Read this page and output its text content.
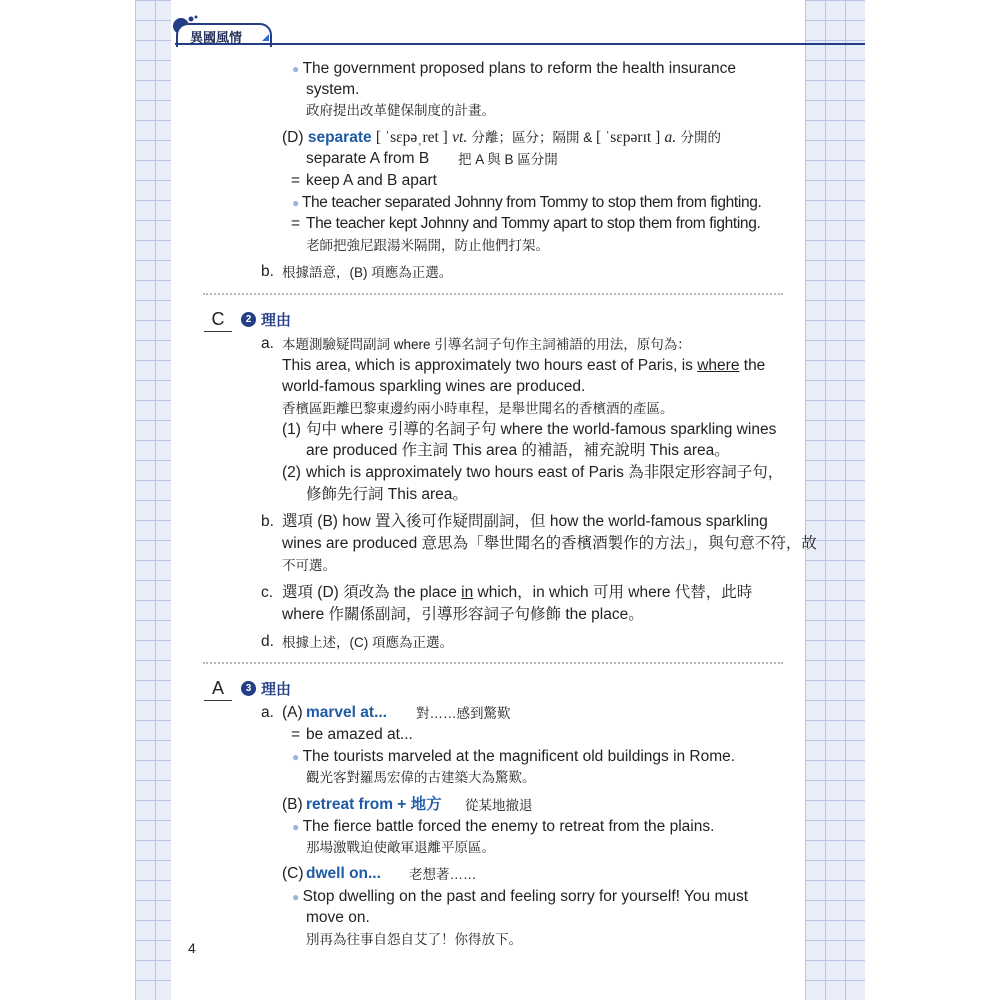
異國風情
● The government proposed plans to reform the health insurance
system.
政府提出改革健保制度的計畫。
(D) separate [ ˈsɛpəˌret ] vt. 分離；區分；隔開 & [ ˈsɛpərɪt ] a. 分開的
separate A from B 把 A 與 B 區分開
= keep A and B apart
● The teacher separated Johnny from Tommy to stop them from fighting.
= The teacher kept Johnny and Tommy apart to stop them from fighting.
老師把強尼跟湯米隔開，防止他們打架。
b. 根據語意，(B) 項應為正選。
C	2 理由
a. 本題測驗疑問副詞 where 引導名詞子句作主詞補語的用法，原句為：
This area, which is approximately two hours east of Paris, is where the
world-famous sparkling wines are produced.
香檳區距離巴黎東邊約兩小時車程，是舉世聞名的香檳酒的產區。
(1) 句中 where 引導的名詞子句 where the world-famous sparkling wines
are produced 作主詞 This area 的補語，補充說明 This area。
(2) which is approximately two hours east of Paris 為非限定形容詞子句，
修飾先行詞 This area。
b. 選項 (B) how 置入後可作疑問副詞，但 how the world-famous sparkling
wines are produced 意思為「舉世聞名的香檳酒製作的方法」，與句意不符，故
不可選。
c. 選項 (D) 須改為 the place in which，in which 可用 where 代替，此時
where 作關係副詞，引導形容詞子句修飾 the place。
d. 根據上述，(C) 項應為正選。
A	3 理由
a. (A) marvel at... 對……感到驚歎
= be amazed at...
● The tourists marveled at the magnificent old buildings in Rome.
觀光客對羅馬宏偉的古建築大為驚歎。
(B) retreat from + 地方 從某地撤退
● The fierce battle forced the enemy to retreat from the plains.
那場激戰迫使敵軍退離平原區。
(C) dwell on... 老想著……
● Stop dwelling on the past and feeling sorry for yourself! You must
move on.
別再為往事自怨自艾了！你得放下。
4
